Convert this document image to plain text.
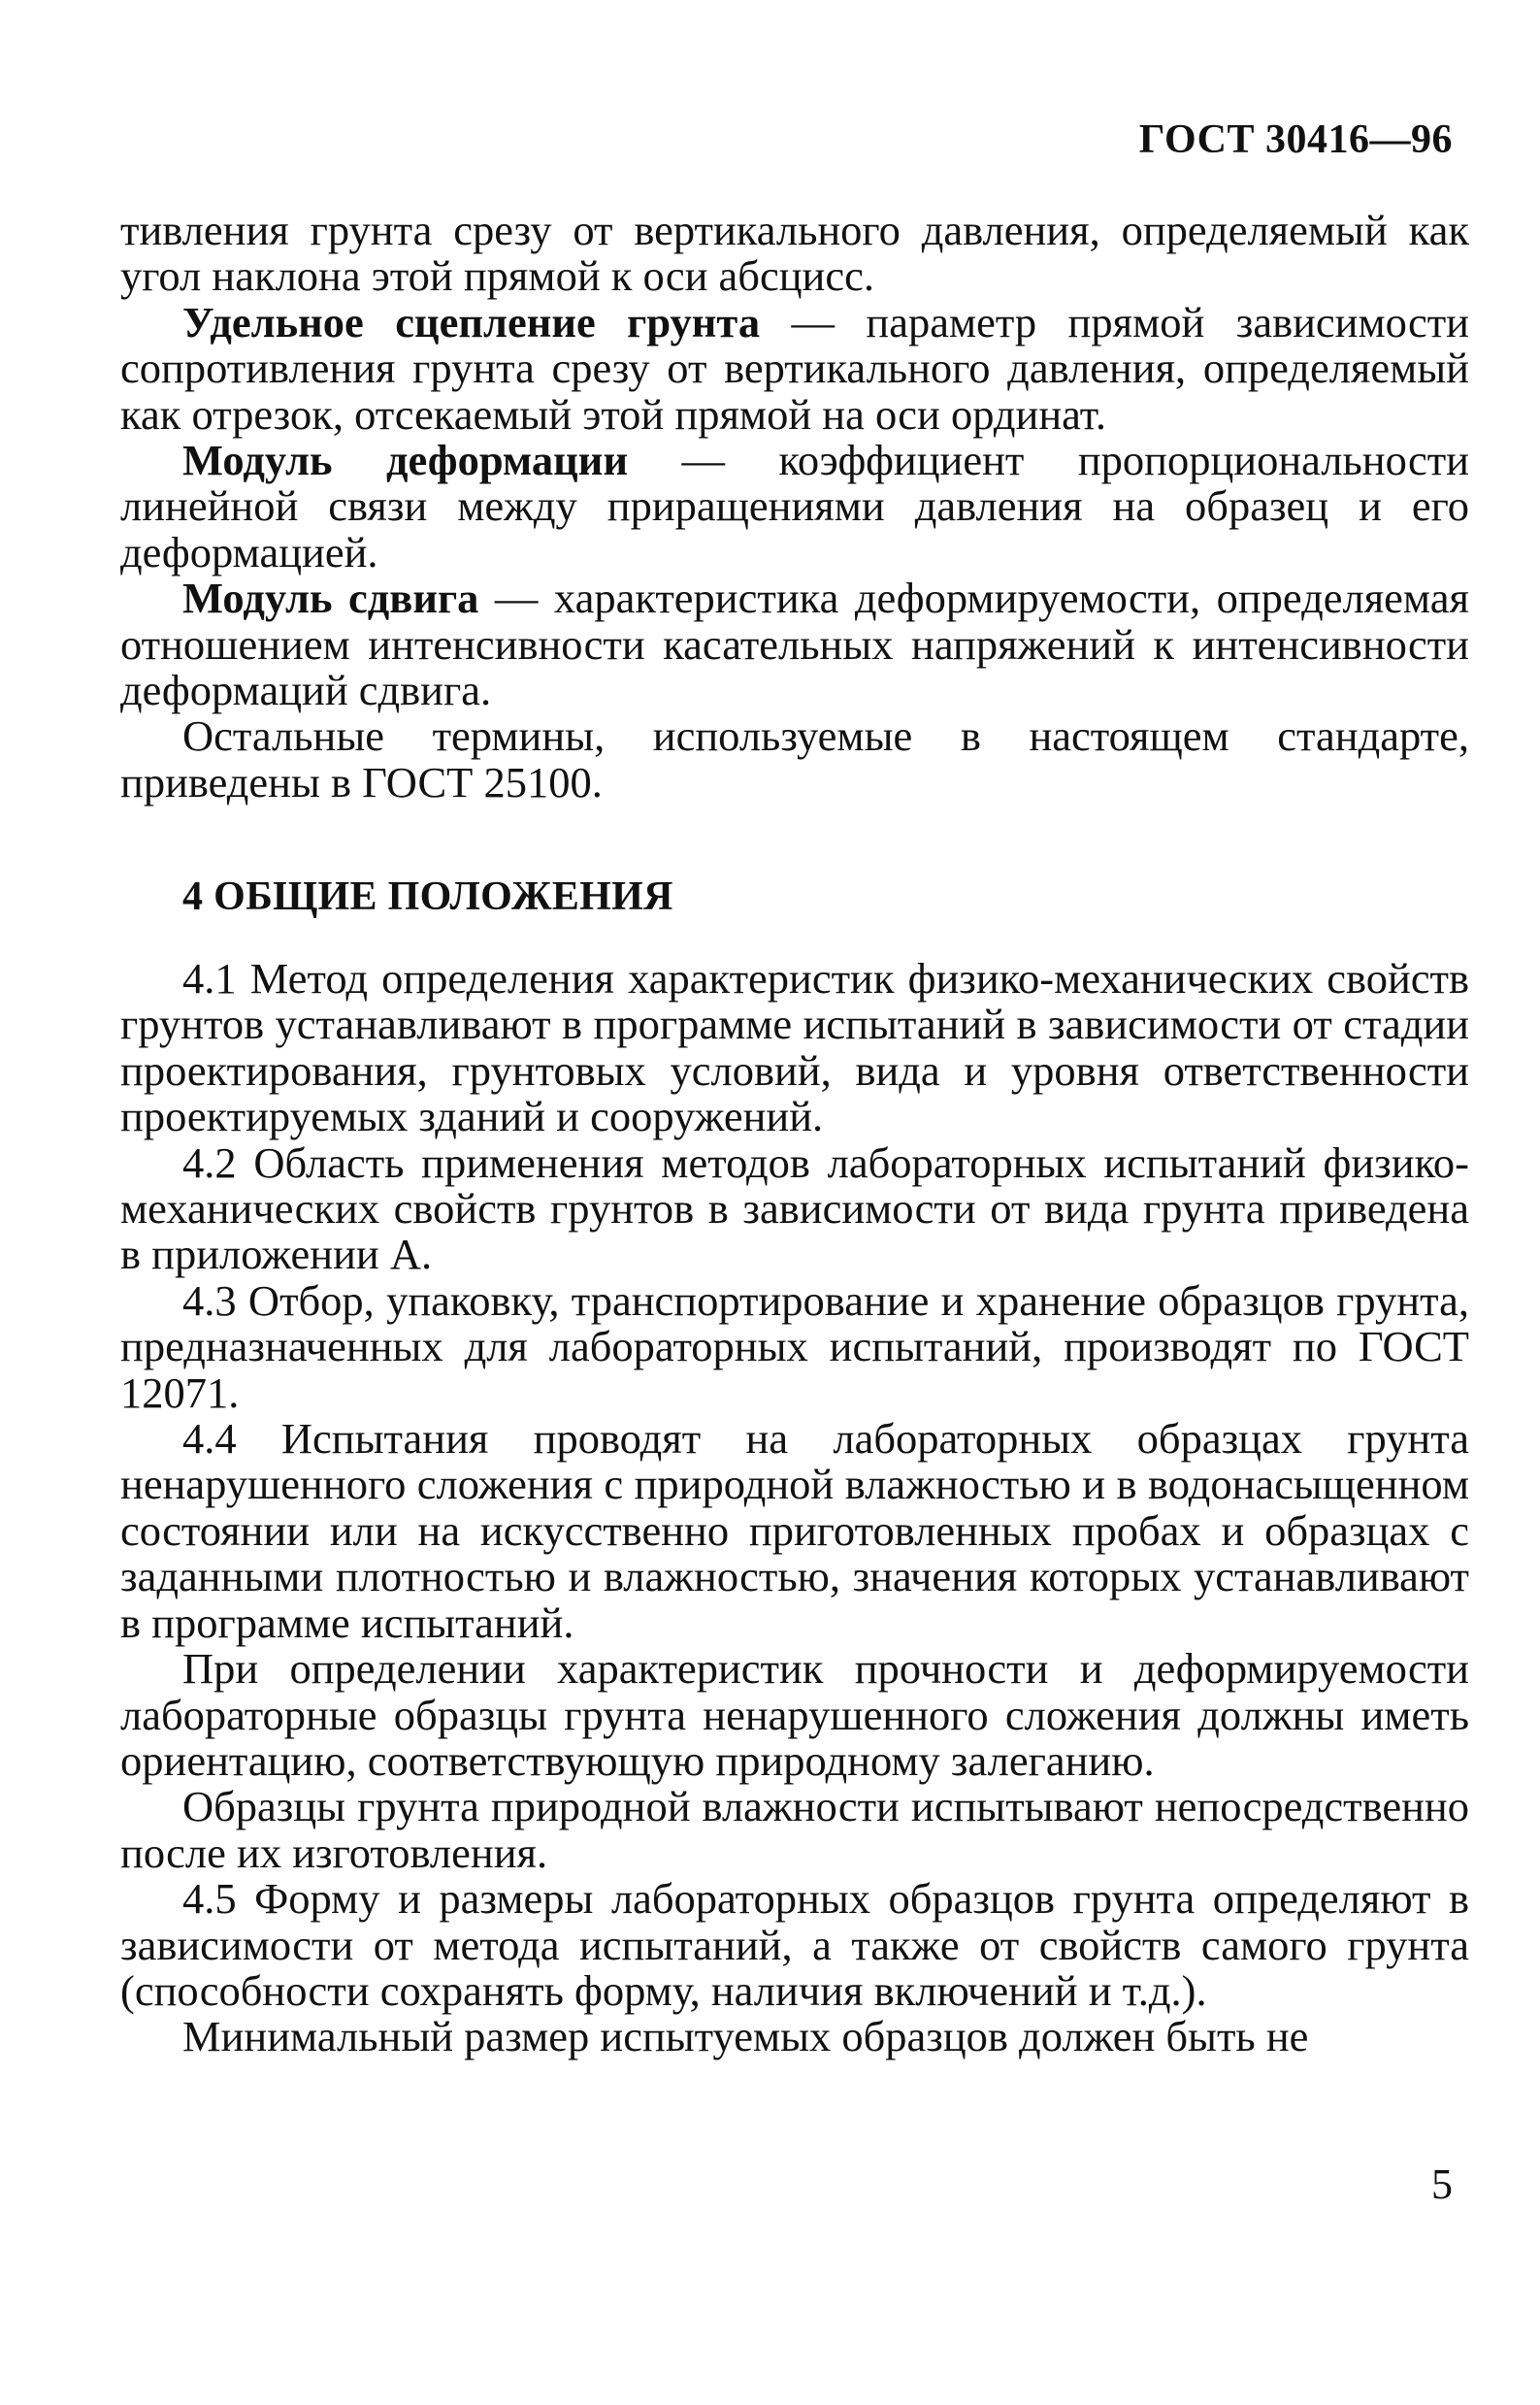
ГОСТ 30416—96

тивления грунта срезу от вертикального давления, определяемый как угол наклона этой прямой к оси абсцисс.

Удельное сцепление грунта — параметр прямой зависимости сопротивления грунта срезу от вертикального давления, определяемый как отрезок, отсекаемый этой прямой на оси ординат.

Модуль деформации — коэффициент пропорциональности линейной связи между приращениями давления на образец и его деформацией.

Модуль сдвига — характеристика деформируемости, определяемая отношением интенсивности касательных напряжений к интенсивности деформаций сдвига.

Остальные термины, используемые в настоящем стандарте, приведены в ГОСТ 25100.

4 ОБЩИЕ ПОЛОЖЕНИЯ

4.1 Метод определения характеристик физико-механических свойств грунтов устанавливают в программе испытаний в зависимости от стадии проектирования, грунтовых условий, вида и уровня ответственности проектируемых зданий и сооружений.

4.2 Область применения методов лабораторных испытаний физико-механических свойств грунтов в зависимости от вида грунта приведена в приложении А.

4.3 Отбор, упаковку, транспортирование и хранение образцов грунта, предназначенных для лабораторных испытаний, производят по ГОСТ 12071.

4.4 Испытания проводят на лабораторных образцах грунта ненарушенного сложения с природной влажностью и в водонасыщенном состоянии или на искусственно приготовленных пробах и образцах с заданными плотностью и влажностью, значения которых устанавливают в программе испытаний.

При определении характеристик прочности и деформируемости лабораторные образцы грунта ненарушенного сложения должны иметь ориентацию, соответствующую природному залеганию.

Образцы грунта природной влажности испытывают непосредственно после их изготовления.

4.5 Форму и размеры лабораторных образцов грунта определяют в зависимости от метода испытаний, а также от свойств самого грунта (способности сохранять форму, наличия включений и т.д.).

Минимальный размер испытуемых образцов должен быть не

5
